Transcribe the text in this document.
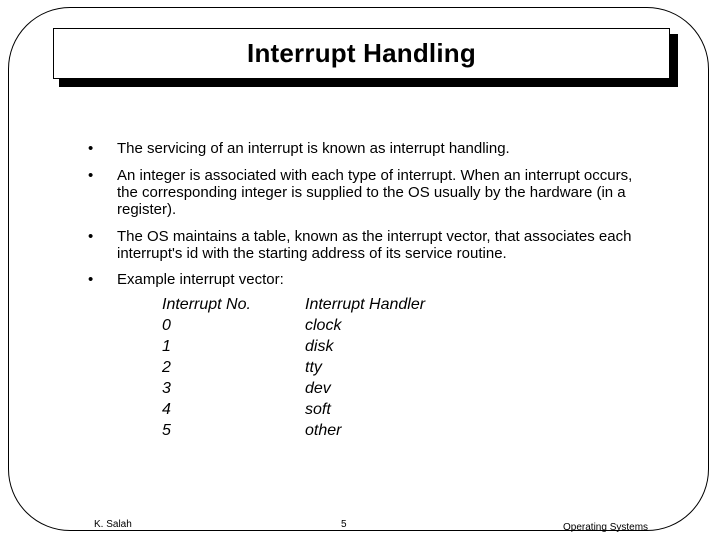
Interrupt Handling
• The servicing of an interrupt is known as interrupt handling.
• An integer is associated with each type of interrupt. When an interrupt occurs, the corresponding integer is supplied to the OS usually by the hardware (in a register).
• The OS maintains a table, known as the interrupt vector, that associates each interrupt's id with the starting address of its service routine.
• Example interrupt vector:
Interrupt No.
0
1
2
3
4
5
Interrupt Handler
clock
disk
tty
dev
soft
other
K. Salah	5	Operating Systems
